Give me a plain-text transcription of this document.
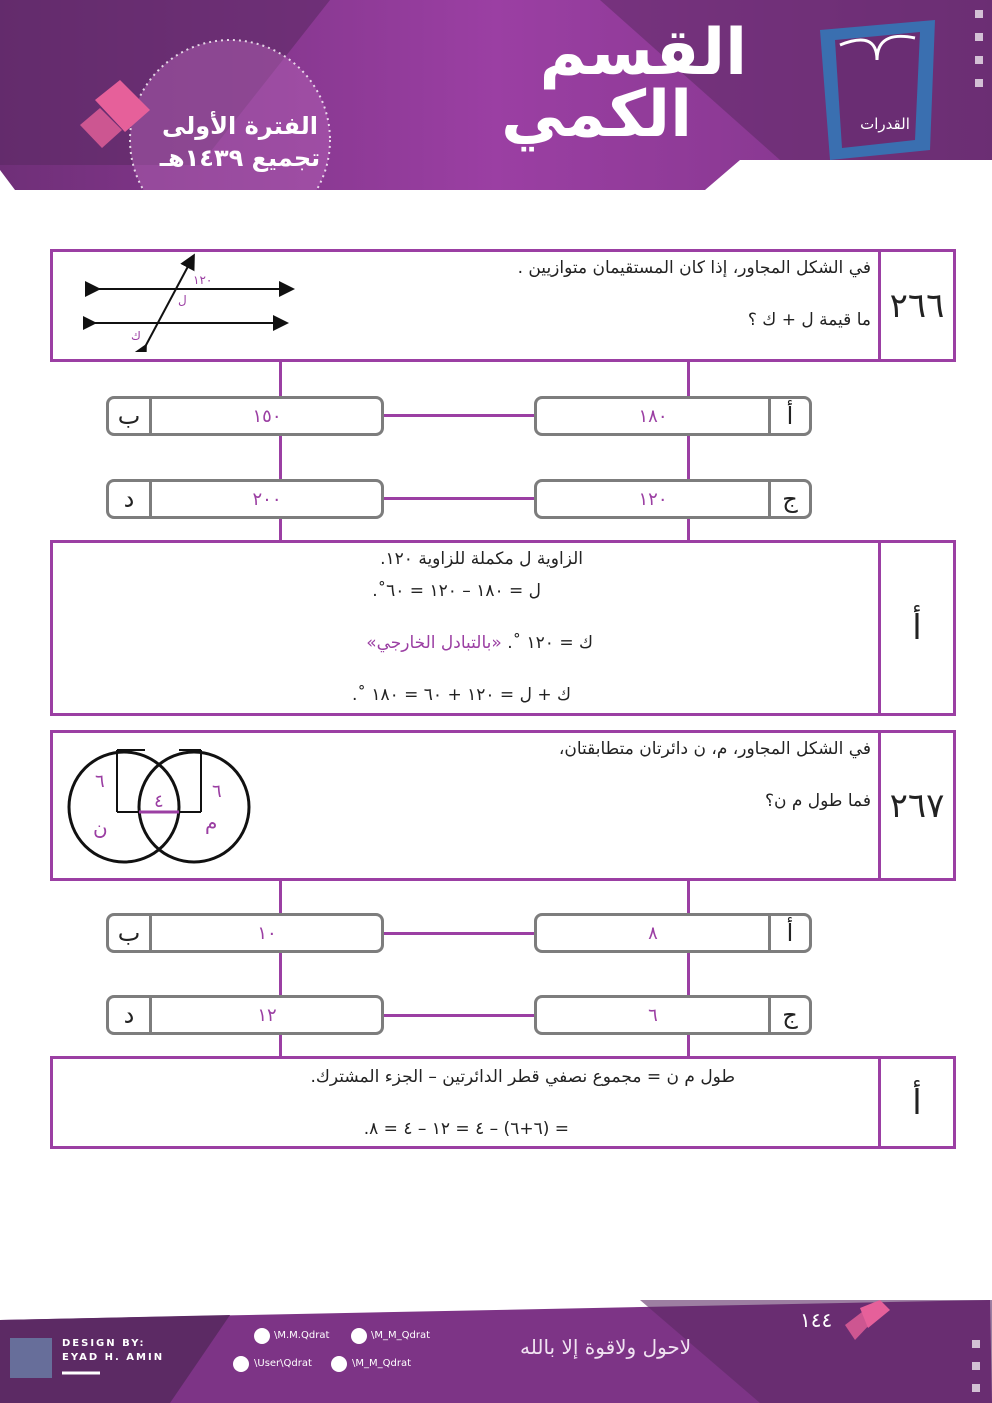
القسم
الكمي
الفترة الأولى
تجميع ١٤٣٩هـ
القدرات
٢٦٦
في الشكل المجاور، إذا كان المستقيمان متوازيين .
ما قيمة ل + ك ؟
١٢٠
ل
ك
أ
١٨٠
ب	١٥٠
ج
١٢٠
د	٢٠٠
أ
الزاوية ل مكملة للزاوية ١٢٠.
ل = ١٨٠ – ١٢٠ = ٦٠˚.
ك = ١٢٠ ˚. «بالتبادل الخارجي»
ك + ل = ١٢٠ + ٦٠ = ١٨٠ ˚.
٢٦٧
في الشكل المجاور، م، ن دائرتان متطابقتان،
فما طول م ن؟
٦	٦
٤
ن	م
أ
٨
ب	١٠
ج
٦
د	١٢
أ
طول م ن = مجموع نصفي قطر الدائرتين – الجزء المشترك.
= (٦+٦) – ٤ = ١٢ – ٤ = ٨.
DESIGN BY:
EYAD H. AMIN
\M.M.Qdrat	\M_M_Qdrat
\User\Qdrat	\M_M_Qdrat
لاحول ولاقوة إلا بالله
١٤٤
